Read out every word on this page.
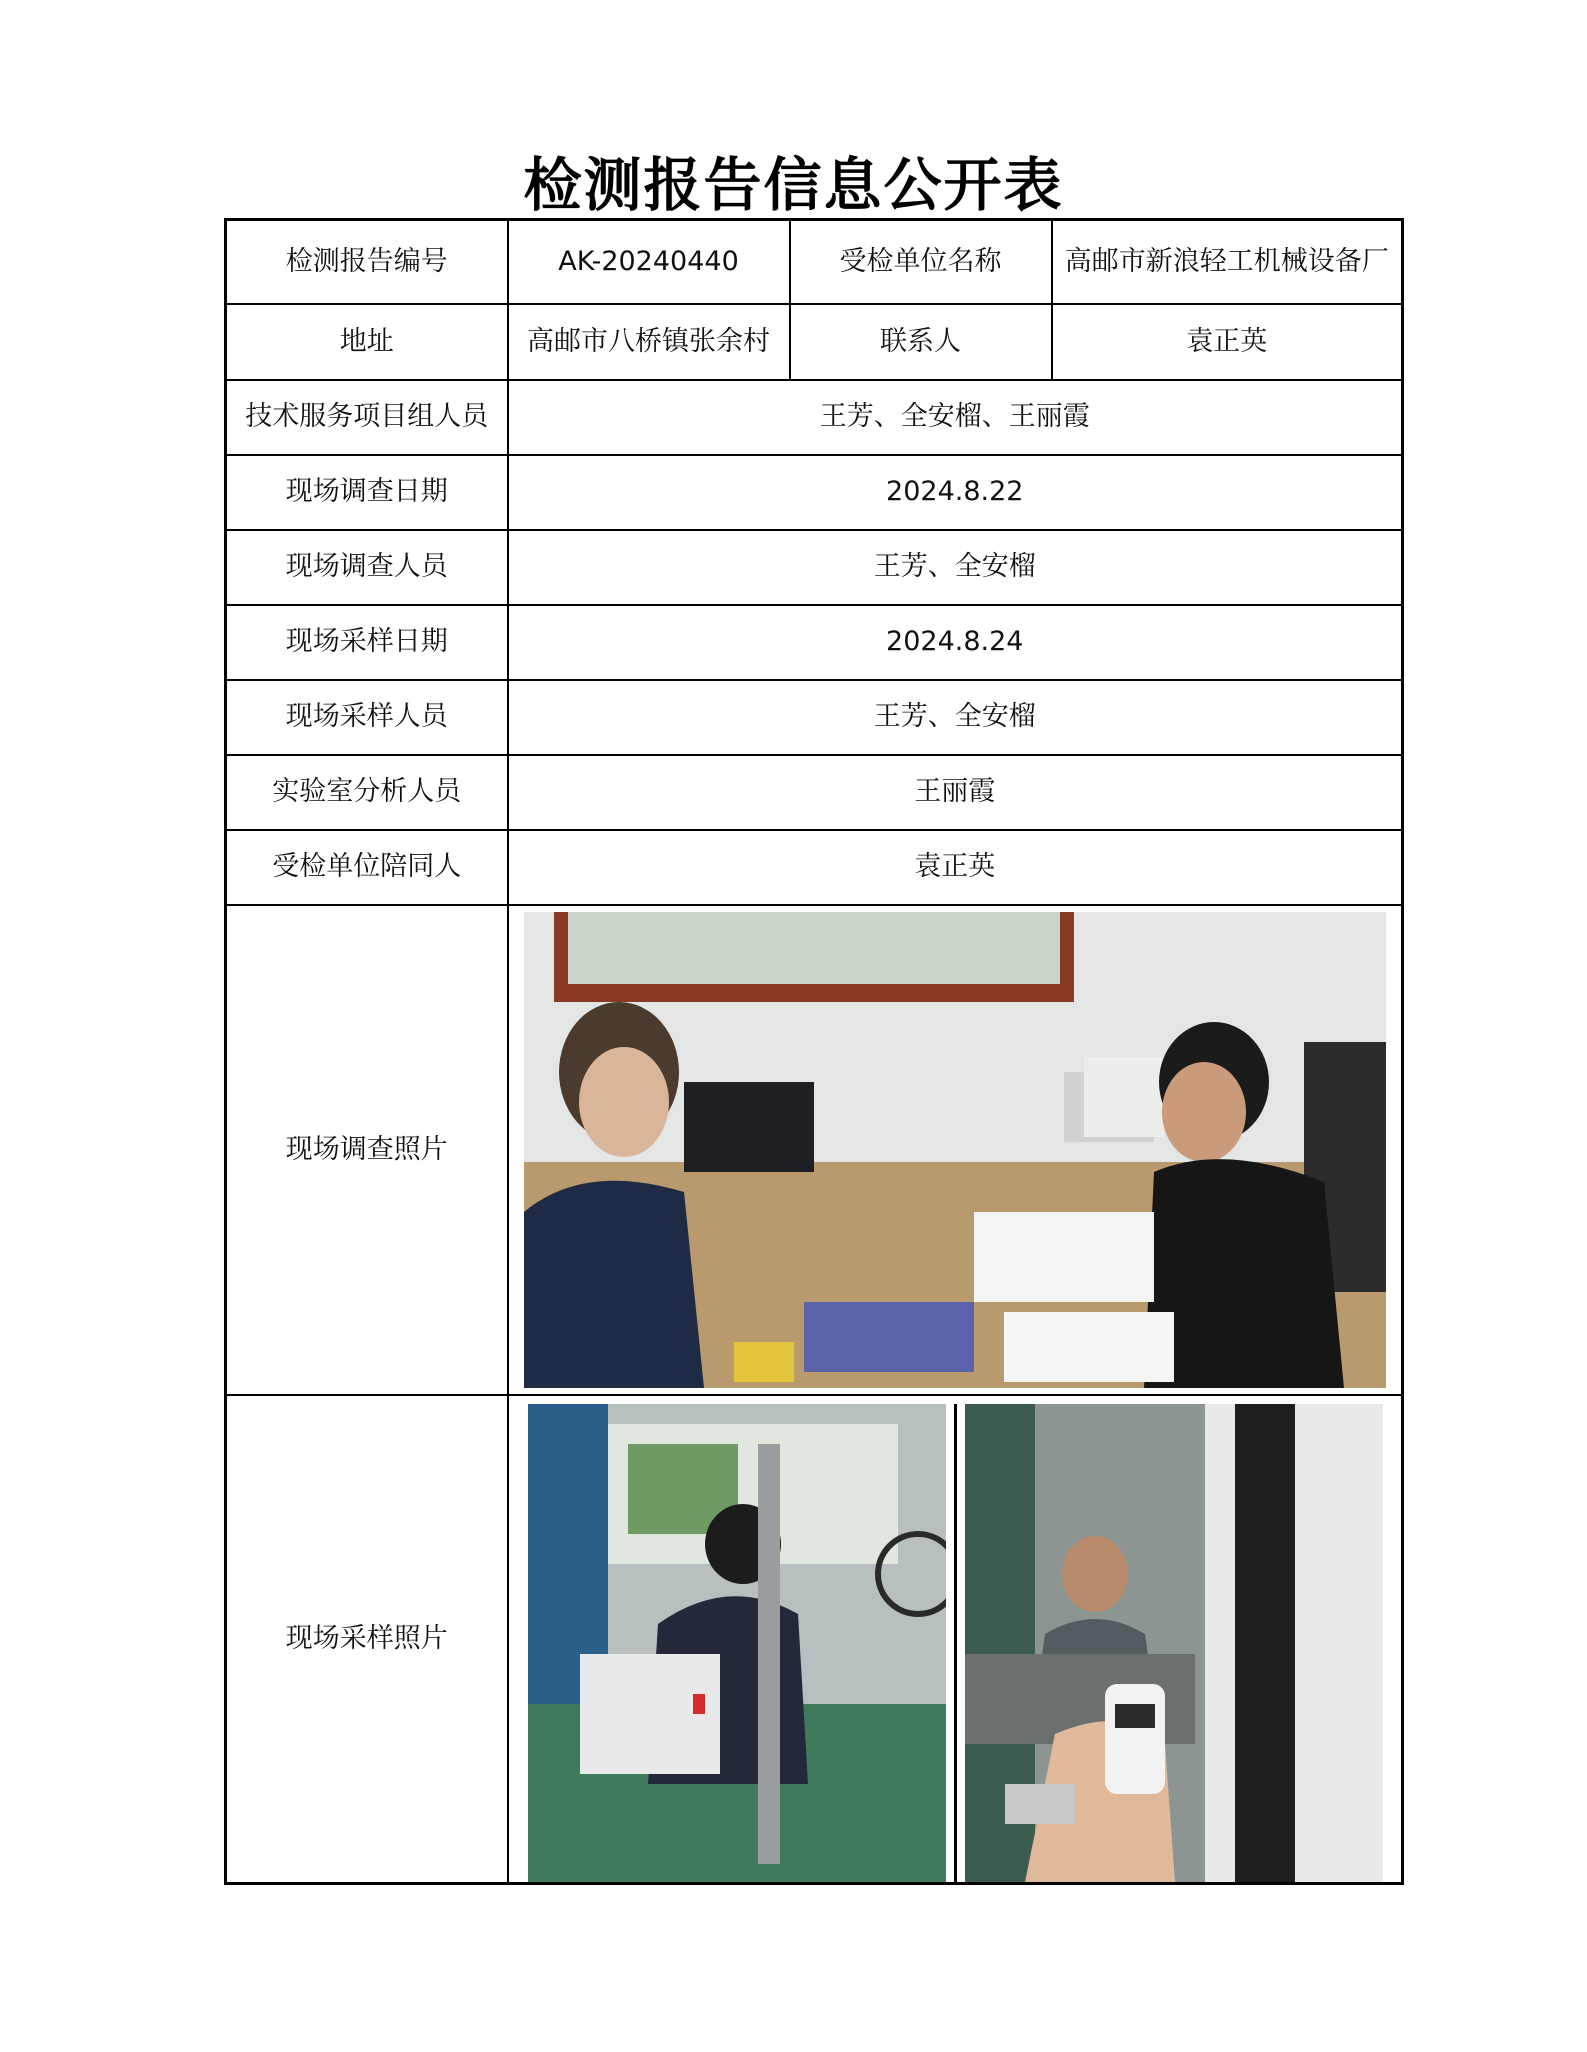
检测报告信息公开表
检测报告编号	AK-20240440	受检单位名称	高邮市新浪轻工机械设备厂
地址	高邮市八桥镇张余村	联系人	袁正英
技术服务项目组人员	王芳、全安榴、王丽霞		
现场调查日期	2024.8.22		
现场调查人员	王芳、全安榴		
现场采样日期	2024.8.24		
现场采样人员	王芳、全安榴		
实验室分析人员	王丽霞		
受检单位陪同人	袁正英		
现场调查照片	

现场采样照片	
